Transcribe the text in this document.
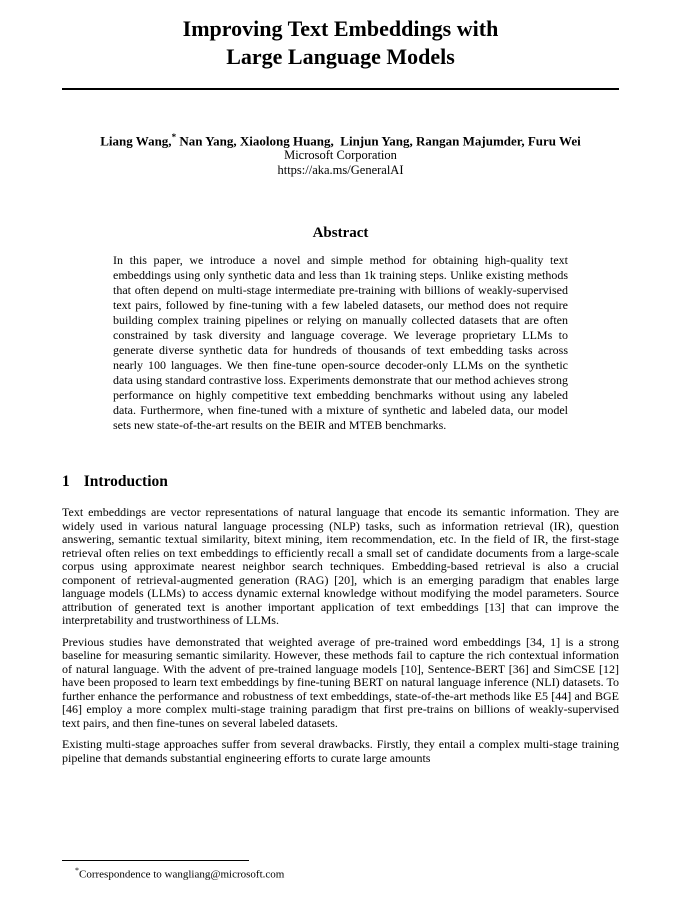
Improving Text Embeddings with
Large Language Models
Liang Wang,* Nan Yang, Xiaolong Huang,  Linjun Yang, Rangan Majumder, Furu Wei
Microsoft Corporation
https://aka.ms/GeneralAI
Abstract

In this paper, we introduce a novel and simple method for obtaining high-quality text embeddings using only synthetic data and less than 1k training steps. Unlike existing methods that often depend on multi-stage intermediate pre-training with billions of weakly-supervised text pairs, followed by fine-tuning with a few labeled datasets, our method does not require building complex training pipelines or relying on manually collected datasets that are often constrained by task diversity and language coverage. We leverage proprietary LLMs to generate diverse synthetic data for hundreds of thousands of text embedding tasks across nearly 100 languages. We then fine-tune open-source decoder-only LLMs on the synthetic data using standard contrastive loss. Experiments demonstrate that our method achieves strong performance on highly competitive text embedding benchmarks without using any labeled data. Furthermore, when fine-tuned with a mixture of synthetic and labeled data, our model sets new state-of-the-art results on the BEIR and MTEB benchmarks.

1 Introduction

Text embeddings are vector representations of natural language that encode its semantic information. They are widely used in various natural language processing (NLP) tasks, such as information retrieval (IR), question answering, semantic textual similarity, bitext mining, item recommendation, etc. In the field of IR, the first-stage retrieval often relies on text embeddings to efficiently recall a small set of candidate documents from a large-scale corpus using approximate nearest neighbor search techniques. Embedding-based retrieval is also a crucial component of retrieval-augmented generation (RAG) [20], which is an emerging paradigm that enables large language models (LLMs) to access dynamic external knowledge without modifying the model parameters. Source attribution of generated text is another important application of text embeddings [13] that can improve the interpretability and trustworthiness of LLMs.

Previous studies have demonstrated that weighted average of pre-trained word embeddings [34, 1] is a strong baseline for measuring semantic similarity. However, these methods fail to capture the rich contextual information of natural language. With the advent of pre-trained language models [10], Sentence-BERT [36] and SimCSE [12] have been proposed to learn text embeddings by fine-tuning BERT on natural language inference (NLI) datasets. To further enhance the performance and robustness of text embeddings, state-of-the-art methods like E5 [44] and BGE [46] employ a more complex multi-stage training paradigm that first pre-trains on billions of weakly-supervised text pairs, and then fine-tunes on several labeled datasets.

Existing multi-stage approaches suffer from several drawbacks. Firstly, they entail a complex multi-stage training pipeline that demands substantial engineering efforts to curate large amounts

*Correspondence to wangliang@microsoft.com
